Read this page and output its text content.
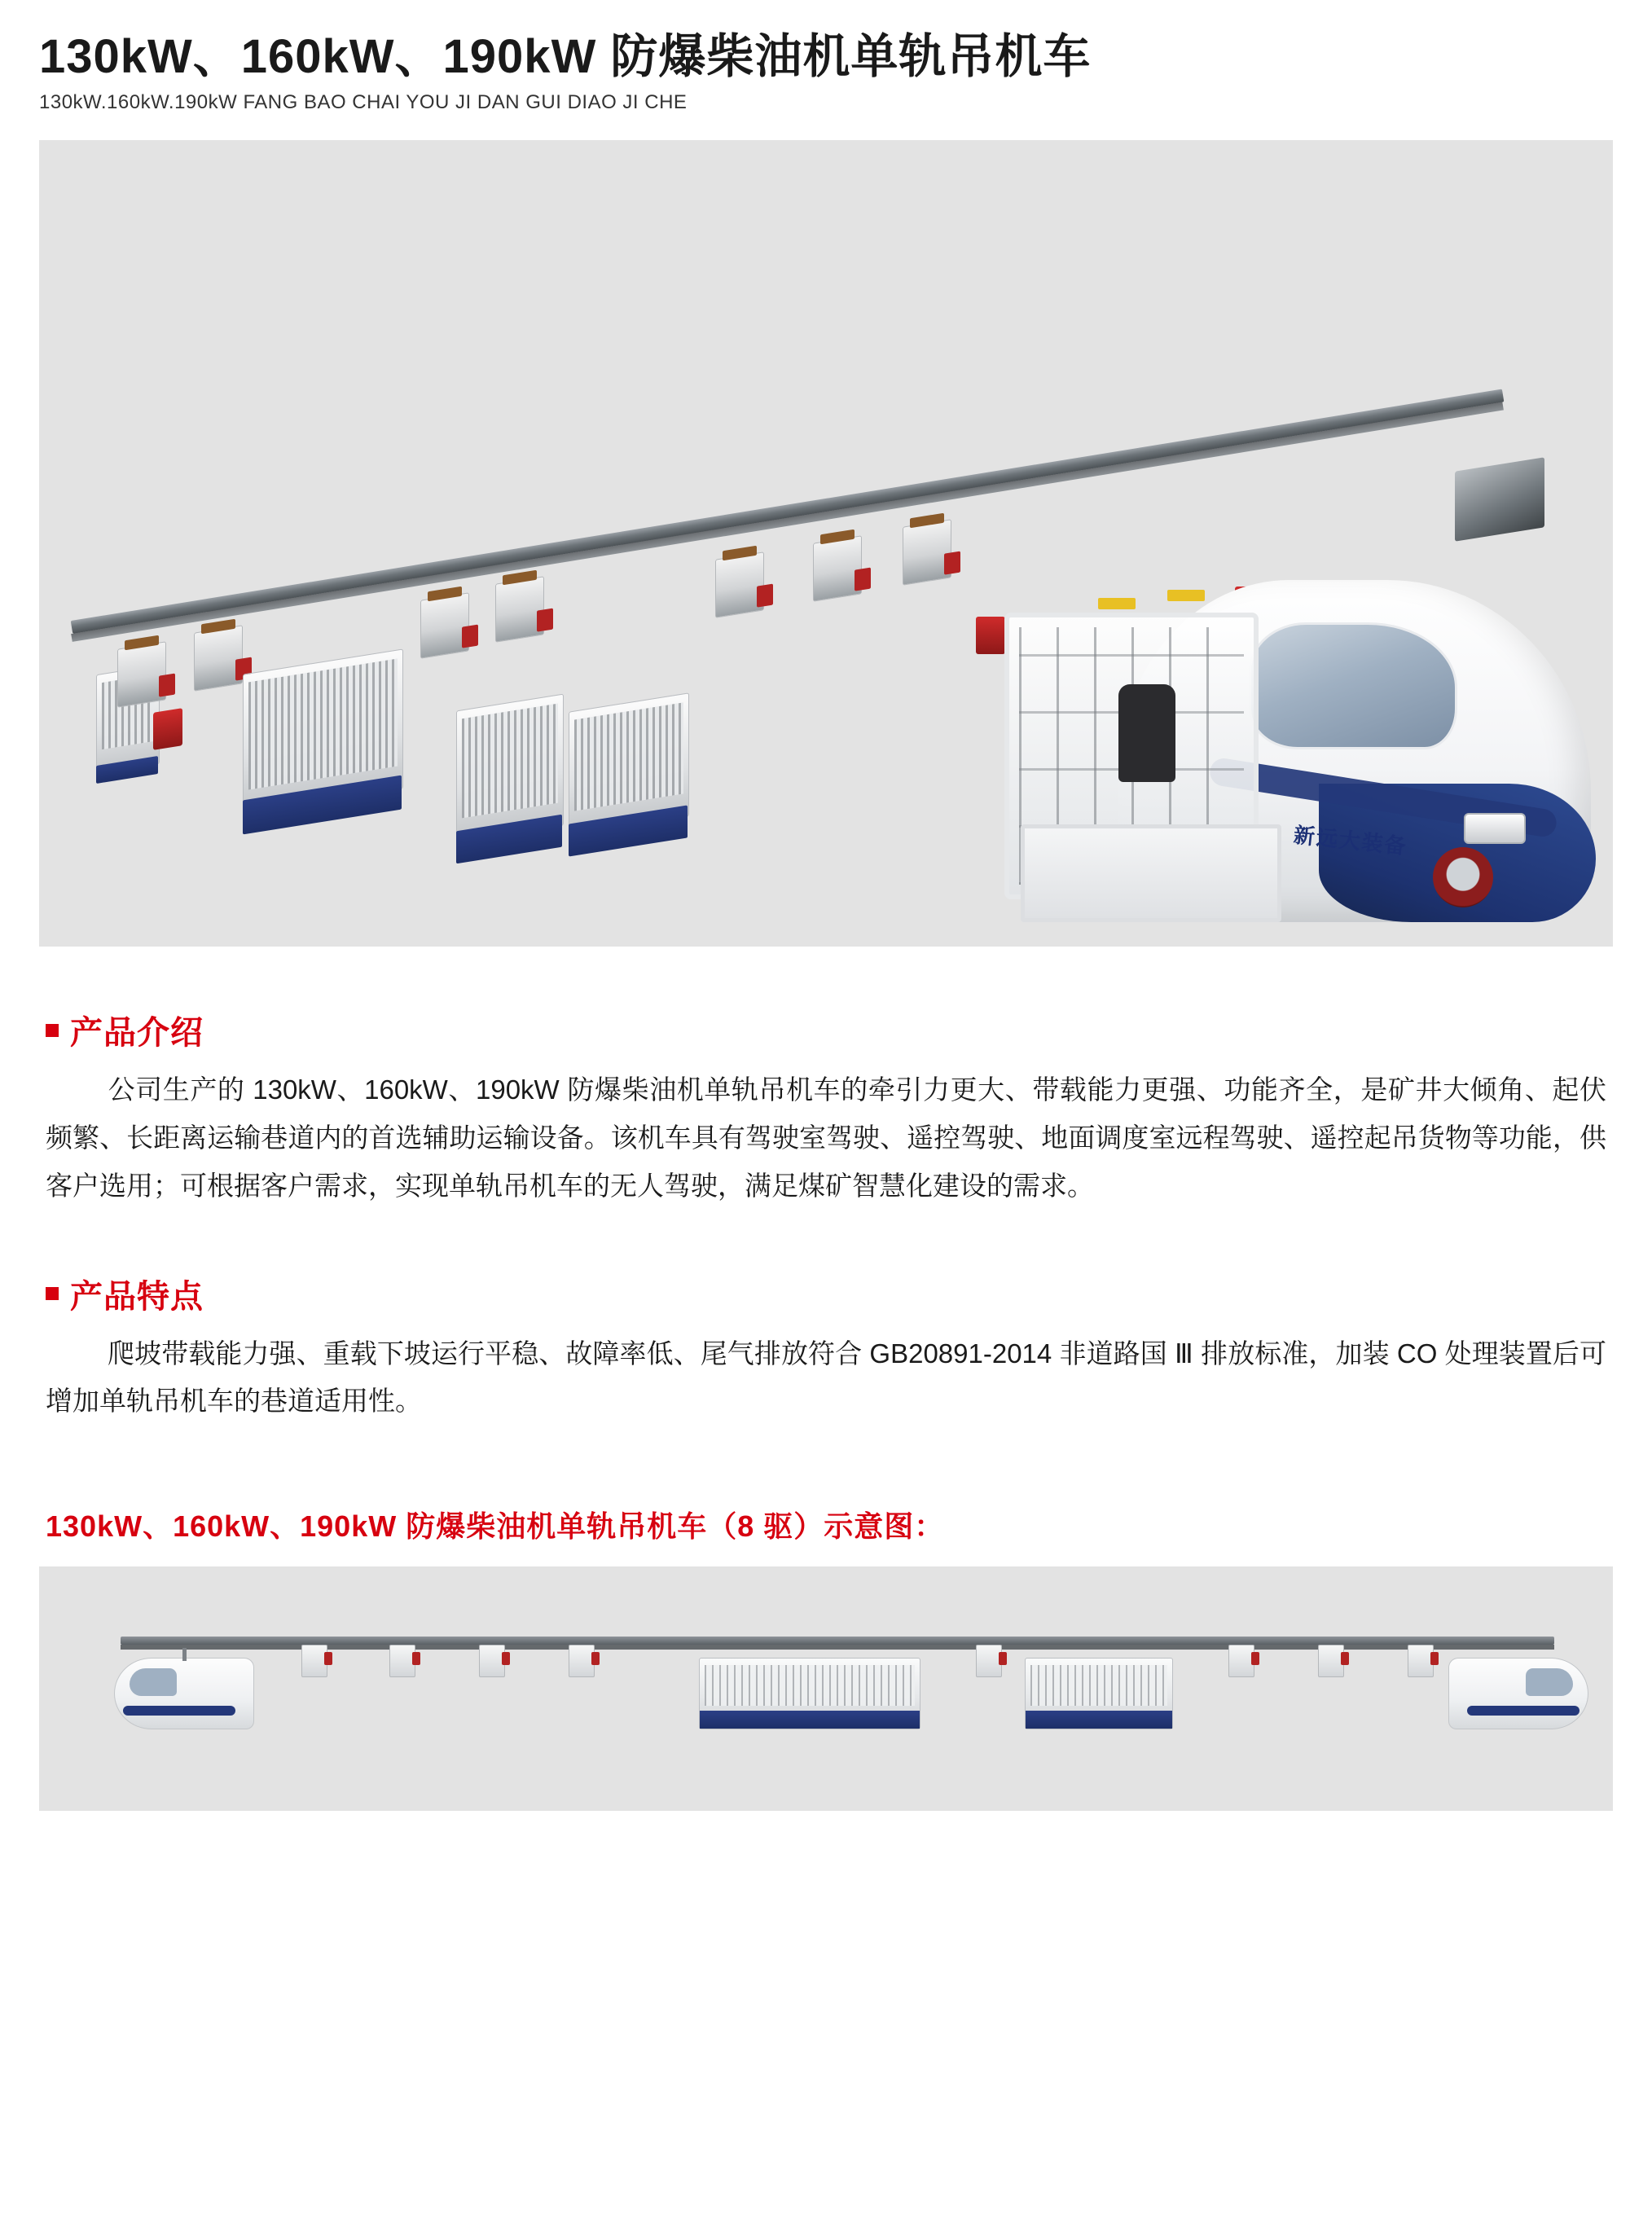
130kW、160kW、190kW 防爆柴油机单轨吊机车

130kW.160kW.190kW FANG BAO CHAI YOU JI DAN GUI DIAO JI CHE

新远大装备
产品介绍

公司生产的 130kW、160kW、190kW 防爆柴油机单轨吊机车的牵引力更大、带载能力更强、功能齐全，是矿井大倾角、起伏频繁、长距离运输巷道内的首选辅助运输设备。该机车具有驾驶室驾驶、遥控驾驶、地面调度室远程驾驶、遥控起吊货物等功能，供客户选用；可根据客户需求，实现单轨吊机车的无人驾驶，满足煤矿智慧化建设的需求。

产品特点

爬坡带载能力强、重载下坡运行平稳、故障率低、尾气排放符合 GB20891-2014 非道路国 Ⅲ 排放标准，加装 CO 处理装置后可增加单轨吊机车的巷道适用性。

130kW、160kW、190kW 防爆柴油机单轨吊机车（8 驱）示意图：
